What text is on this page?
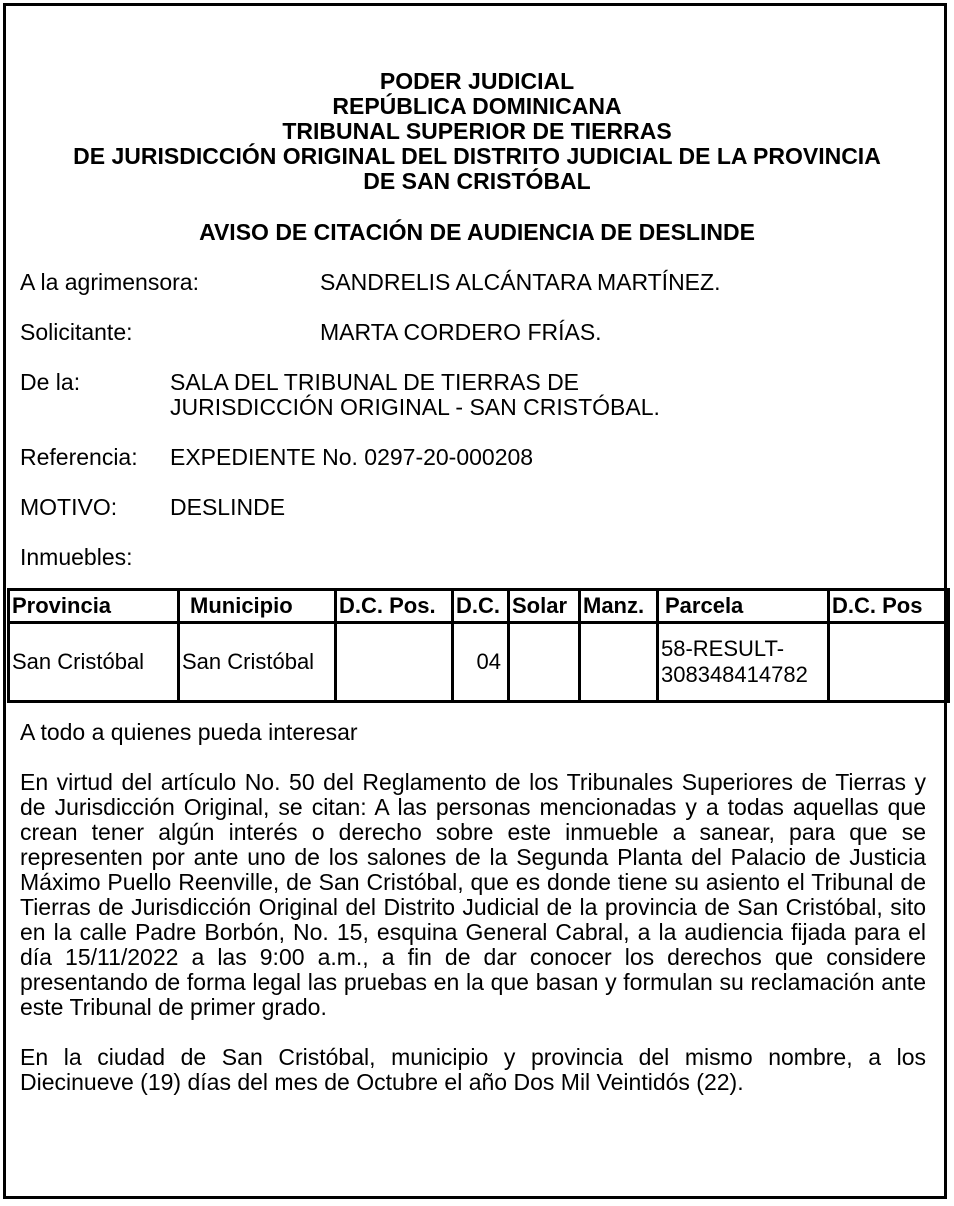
PODER JUDICIAL
REPÚBLICA DOMINICANA
TRIBUNAL SUPERIOR DE TIERRAS
DE JURISDICCIÓN ORIGINAL DEL DISTRITO JUDICIAL DE LA PROVINCIA
DE SAN CRISTÓBAL
AVISO DE CITACIÓN DE AUDIENCIA DE DESLINDE
A la agrimensora:	SANDRELIS ALCÁNTARA MARTÍNEZ.
Solicitante:	MARTA CORDERO FRÍAS.
De la:	SALA DEL TRIBUNAL DE TIERRAS DE
JURISDICCIÓN ORIGINAL - SAN CRISTÓBAL.
Referencia: EXPEDIENTE No. 0297-20-000208
MOTIVO: DESLINDE
Inmuebles:
Provincia	Municipio	D.C. Pos.	D.C.	Solar	Manz.	Parcela	D.C. Pos
San Cristóbal	San Cristóbal		04			58-RESULT-
308348414782	

A todo a quienes pueda interesar
En virtud del artículo No. 50 del Reglamento de los Tribunales Superiores de Tierras y de Jurisdicción Original, se citan: A las personas mencionadas y a todas aquellas que crean tener algún interés o derecho sobre este inmueble a sanear, para que se representen por ante uno de los salones de la Segunda Planta del Palacio de Justicia Máximo Puello Reenville, de San Cristóbal, que es donde tiene su asiento el Tribunal de Tierras de Jurisdicción Original del Distrito Judicial de la provincia de San Cristóbal, sito en la calle Padre Borbón, No. 15, esquina General Cabral, a la audiencia fijada para el día 15/11/2022 a las 9:00 a.m., a fin de dar conocer los derechos que considere presentando de forma legal las pruebas en la que basan y formulan su reclamación ante este Tribunal de primer grado.
En la ciudad de San Cristóbal, municipio y provincia del mismo nombre, a los Diecinueve (19) días del mes de Octubre el año Dos Mil Veintidós (22).
